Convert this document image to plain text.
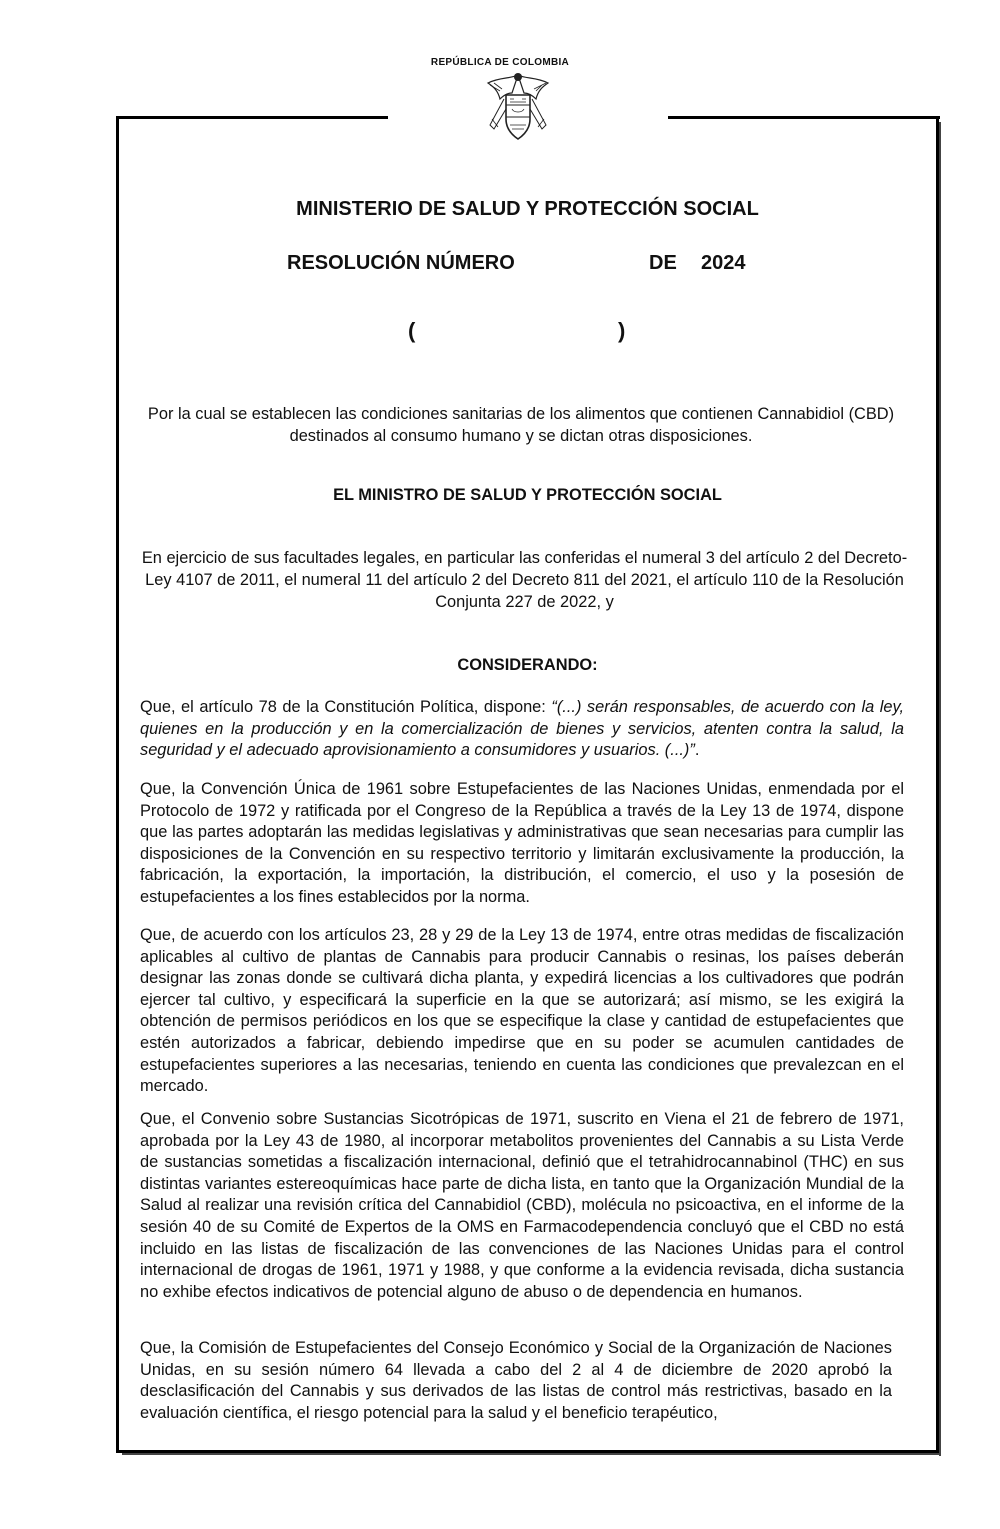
REPÚBLICA DE COLOMBIA
MINISTERIO DE SALUD Y PROTECCIÓN SOCIAL
RESOLUCIÓN NÚMERO	DE 2024
(	)
Por la cual se establecen las condiciones sanitarias de los alimentos que contienen Cannabidiol (CBD) destinados al consumo humano y se dictan otras disposiciones.
EL MINISTRO DE SALUD Y PROTECCIÓN SOCIAL
En ejercicio de sus facultades legales, en particular las conferidas el numeral 3 del artículo 2 del Decreto-Ley 4107 de 2011, el numeral 11 del artículo 2 del Decreto 811 del 2021, el artículo 110 de la Resolución Conjunta 227 de 2022, y
CONSIDERANDO:
Que, el artículo 78 de la Constitución Política, dispone: “(...) serán responsables, de acuerdo con la ley, quienes en la producción y en la comercialización de bienes y servicios, atenten contra la salud, la seguridad y el adecuado aprovisionamiento a consumidores y usuarios. (...)”.
Que, la Convención Única de 1961 sobre Estupefacientes de las Naciones Unidas, enmendada por el Protocolo de 1972 y ratificada por el Congreso de la República a través de la Ley 13 de 1974, dispone que las partes adoptarán las medidas legislativas y administrativas que sean necesarias para cumplir las disposiciones de la Convención en su respectivo territorio y limitarán exclusivamente la producción, la fabricación, la exportación, la importación, la distribución, el comercio, el uso y la posesión de estupefacientes a los fines establecidos por la norma.
Que, de acuerdo con los artículos 23, 28 y 29 de la Ley 13 de 1974, entre otras medidas de fiscalización aplicables al cultivo de plantas de Cannabis para producir Cannabis o resinas, los países deberán designar las zonas donde se cultivará dicha planta, y expedirá licencias a los cultivadores que podrán ejercer tal cultivo, y especificará la superficie en la que se autorizará; así mismo, se les exigirá la obtención de permisos periódicos en los que se especifique la clase y cantidad de estupefacientes que estén autorizados a fabricar, debiendo impedirse que en su poder se acumulen cantidades de estupefacientes superiores a las necesarias, teniendo en cuenta las condiciones que prevalezcan en el mercado.
Que, el Convenio sobre Sustancias Sicotrópicas de 1971, suscrito en Viena el 21 de febrero de 1971, aprobada por la Ley 43 de 1980, al incorporar metabolitos provenientes del Cannabis a su Lista Verde de sustancias sometidas a fiscalización internacional, definió que el tetrahidrocannabinol (THC) en sus distintas variantes estereoquímicas hace parte de dicha lista, en tanto que la Organización Mundial de la Salud al realizar una revisión crítica del Cannabidiol (CBD), molécula no psicoactiva, en el informe de la sesión 40 de su Comité de Expertos de la OMS en Farmacodependencia concluyó que el CBD no está incluido en las listas de fiscalización de las convenciones de las Naciones Unidas para el control internacional de drogas de 1961, 1971 y 1988, y que conforme a la evidencia revisada, dicha sustancia no exhibe efectos indicativos de potencial alguno de abuso o de dependencia en humanos.
Que, la Comisión de Estupefacientes del Consejo Económico y Social de la Organización de Naciones Unidas, en su sesión número 64 llevada a cabo del 2 al 4 de diciembre de 2020 aprobó la desclasificación del Cannabis y sus derivados de las listas de control más restrictivas, basado en la evaluación científica, el riesgo potencial para la salud y el beneficio terapéutico,
